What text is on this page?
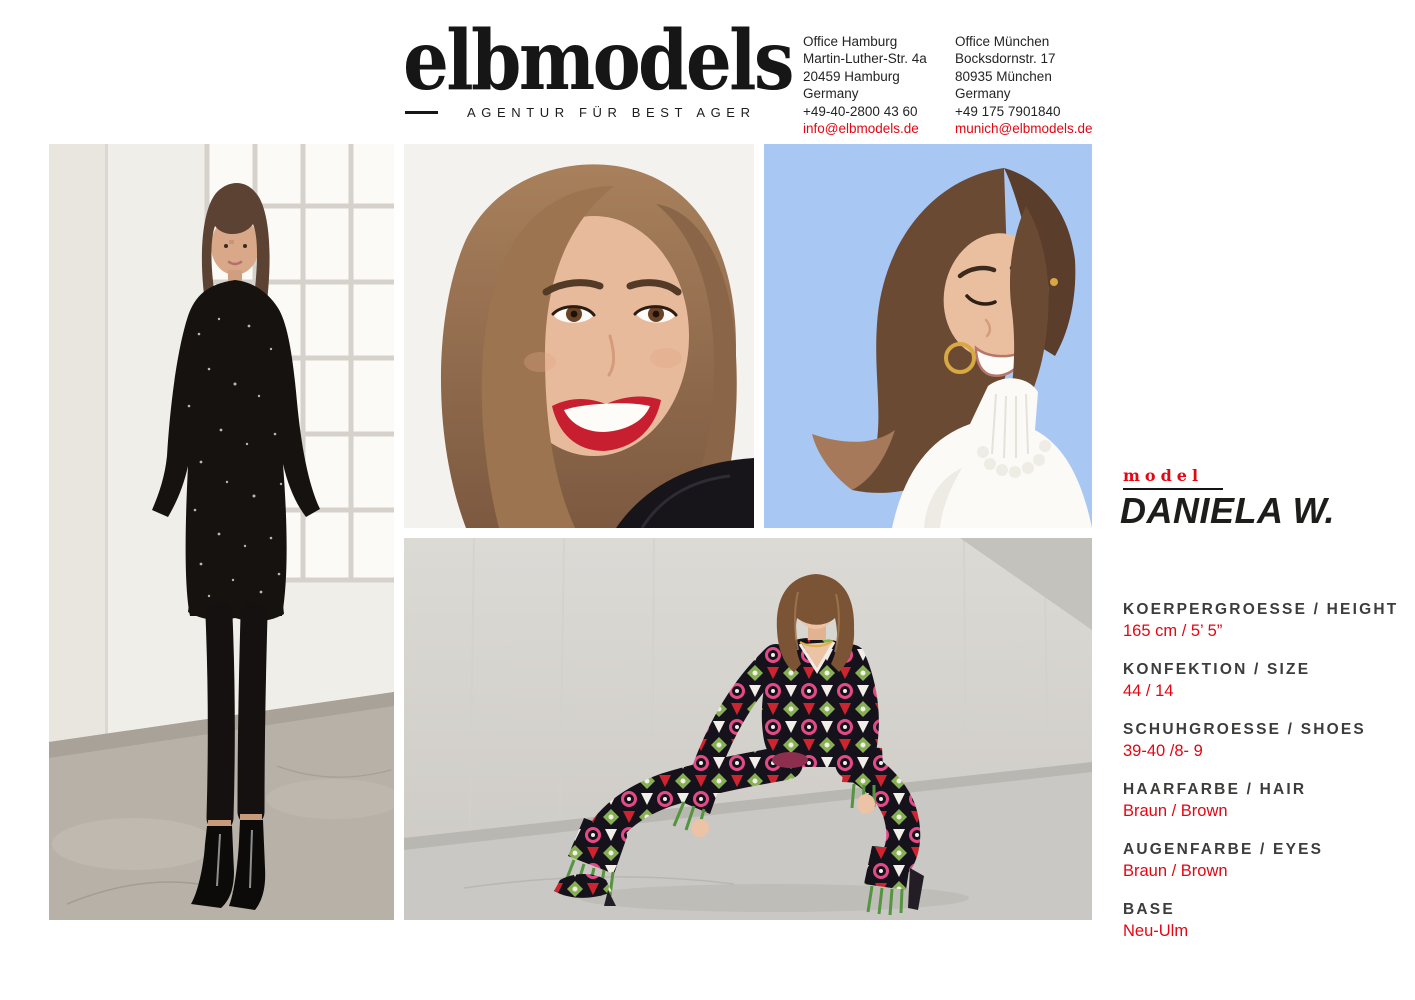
elbmodels
AGENTUR FÜR BEST AGER
Office Hamburg
Martin-Luther-Str. 4a
20459 Hamburg
Germany
+49-40-2800 43 60
info@elbmodels.de
Office München
Bocksdornstr. 17
80935 München
Germany
+49 175 7901840
munich@elbmodels.de
model
DANIELA W.
KOERPERGROESSE / HEIGHT
165 cm / 5’ 5”
KONFEKTION / SIZE
44 / 14
SCHUHGROESSE / SHOES
39-40 /8- 9
HAARFARBE / HAIR
Braun / Brown
AUGENFARBE / EYES
Braun / Brown
BASE
Neu-Ulm
